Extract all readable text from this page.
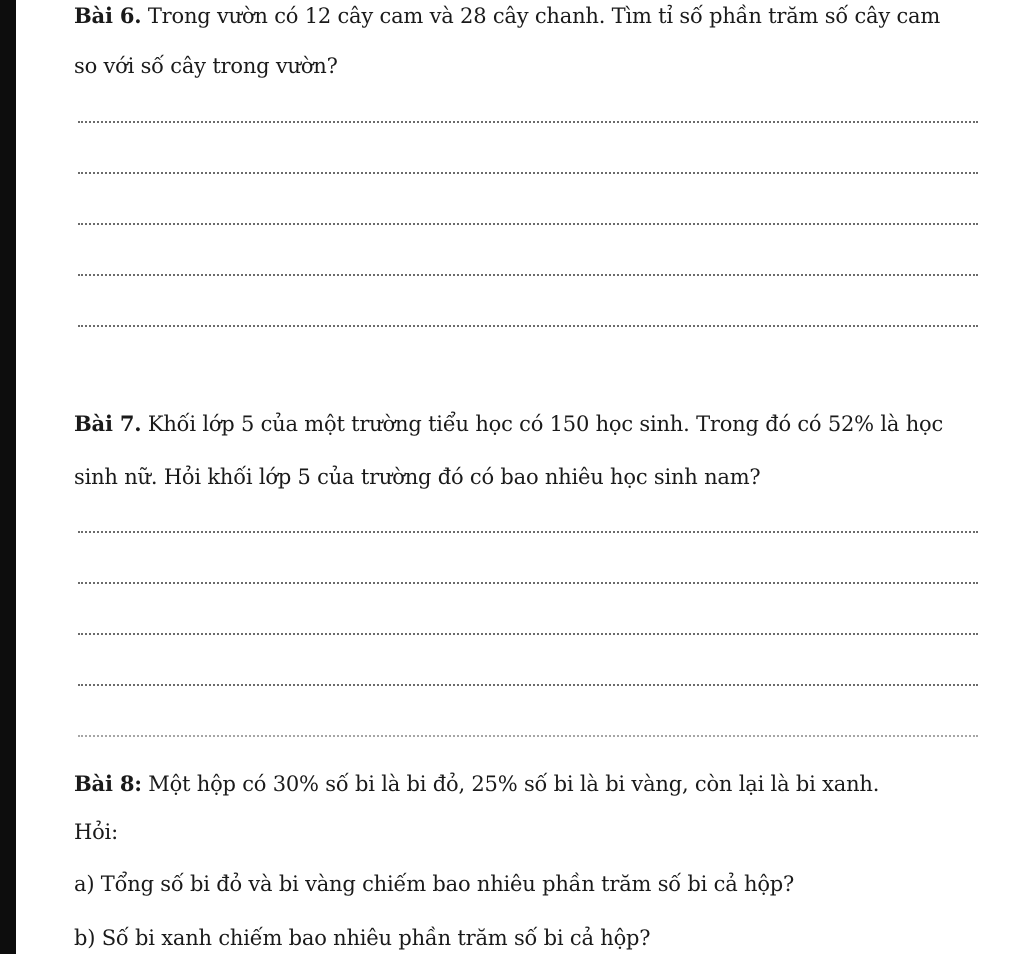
Bài 6. Trong vườn có 12 cây cam và 28 cây chanh. Tìm tỉ số phần trăm số cây cam
so với số cây trong vườn?
Bài 7. Khối lớp 5 của một trường tiểu học có 150 học sinh. Trong đó có 52% là học
sinh nữ. Hỏi khối lớp 5 của trường đó có bao nhiêu học sinh nam?
Bài 8: Một hộp có 30% số bi là bi đỏ, 25% số bi là bi vàng, còn lại là bi xanh.
Hỏi:
a) Tổng số bi đỏ và bi vàng chiếm bao nhiêu phần trăm số bi cả hộp?
b) Số bi xanh chiếm bao nhiêu phần trăm số bi cả hộp?
